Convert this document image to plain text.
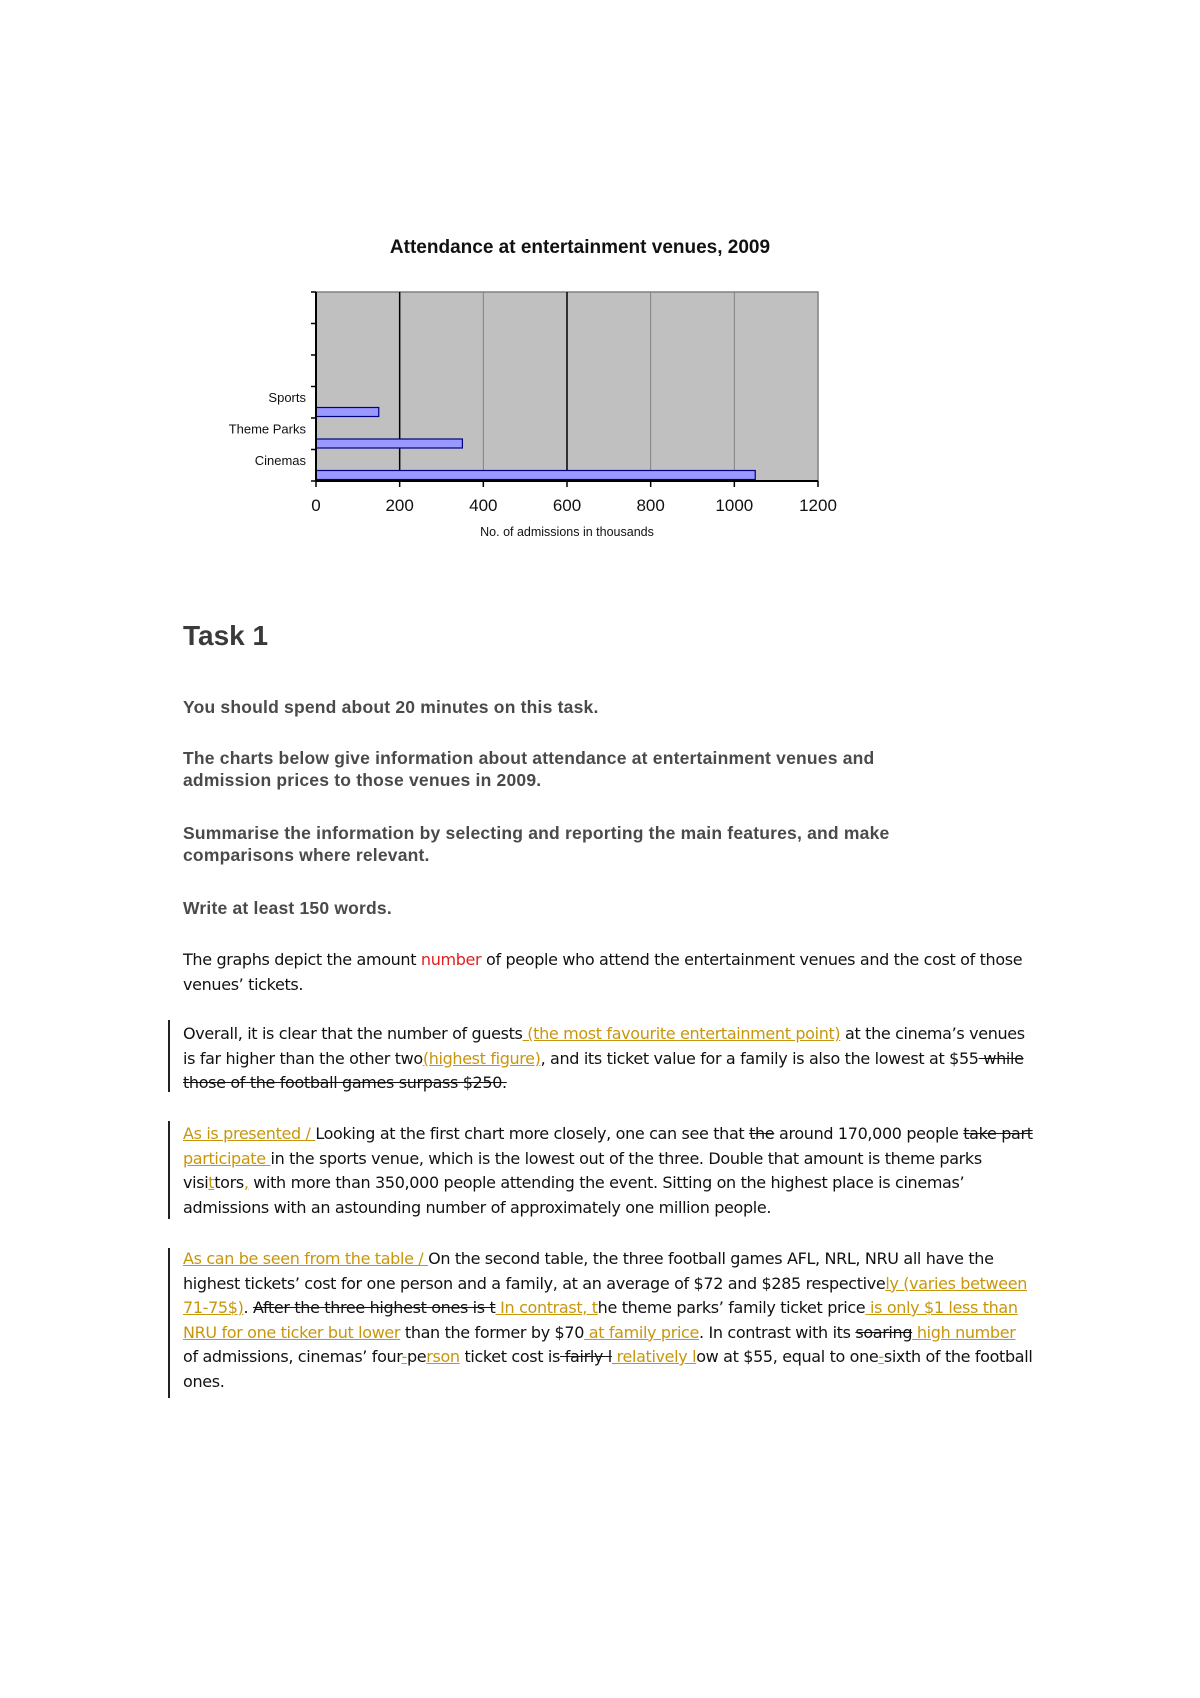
Attendance at entertainment venues, 2009
0	200	400	600	800	1000	1200
Sports
Theme Parks
Cinemas
No. of admissions in thousands
Task 1

You should spend about 20 minutes on this task.

The charts below give information about attendance at entertainment venues and admission prices to those venues in 2009.

Summarise the information by selecting and reporting the main features, and make comparisons where relevant.

Write at least 150 words.

The graphs depict the amount number of people who attend the entertainment venues and the cost of those venues’ tickets.

Overall, it is clear that the number of guests (the most favourite entertainment point) at the cinema’s venues is far higher than the other two(highest figure), and its ticket value for a family is also the lowest at $55 while those of the football games surpass $250.

As is presented / Looking at the first chart more closely, one can see that the around 170,000 people take part participate in the sports venue, which is the lowest out of the three. Double that amount is theme parks visittors, with more than 350,000 people attending the event. Sitting on the highest place is cinemas’ admissions with an astounding number of approximately one million people.

As can be seen from the table / On the second table, the three football games AFL, NRL, NRU all have the highest tickets’ cost for one person and a family, at an average of $72 and $285 respectively (varies between 71-75$). After the three highest ones is t In contrast, the theme parks’ family ticket price is only $1 less than NRU for one ticker but lower than the former by $70 at family price. In contrast with its soaring high number of admissions, cinemas’ four-person ticket cost is fairly l relatively low at $55, equal to one-sixth of the football ones.
